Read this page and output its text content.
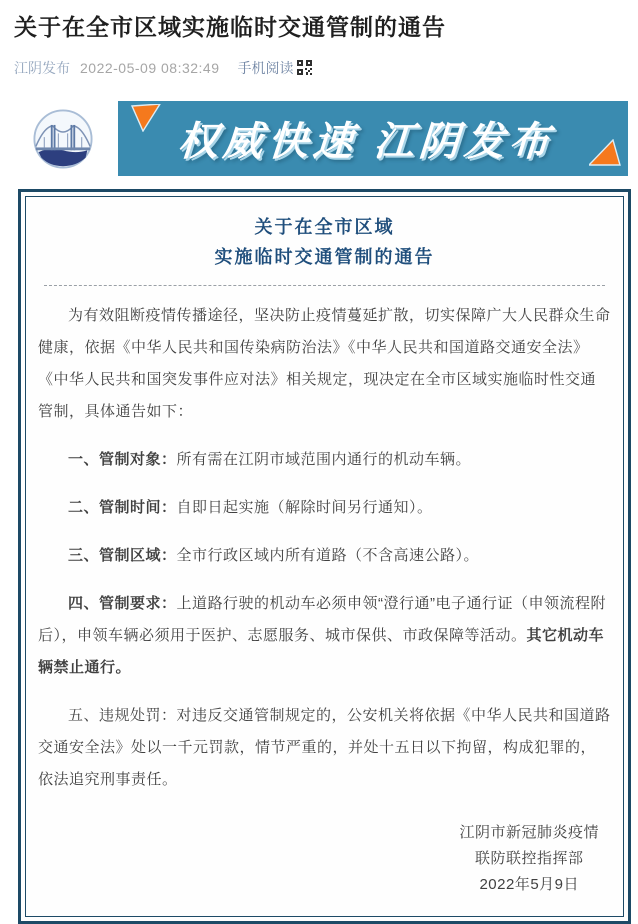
关于在全市区域实施临时交通管制的通告
江阴发布 2022-05-09 08:32:49 手机阅读
权威快速 江阴发布
关于在全市区域
实施临时交通管制的通告

为有效阻断疫情传播途径，坚决防止疫情蔓延扩散，切实保障广大人民群众生命健康，依据《中华人民共和国传染病防治法》《中华人民共和国道路交通安全法》《中华人民共和国突发事件应对法》相关规定，现决定在全市区域实施临时性交通管制，具体通告如下：

一、管制对象：所有需在江阴市域范围内通行的机动车辆。

二、管制时间：自即日起实施（解除时间另行通知）。

三、管制区域：全市行政区域内所有道路（不含高速公路）。

四、管制要求：上道路行驶的机动车必须申领“澄行通”电子通行证（申领流程附后），申领车辆必须用于医护、志愿服务、城市保供、市政保障等活动。其它机动车辆禁止通行。

五、违规处罚：对违反交通管制规定的，公安机关将依据《中华人民共和国道路交通安全法》处以一千元罚款，情节严重的，并处十五日以下拘留，构成犯罪的，依法追究刑事责任。

江阴市新冠肺炎疫情
联防联控指挥部
2022年5月9日
